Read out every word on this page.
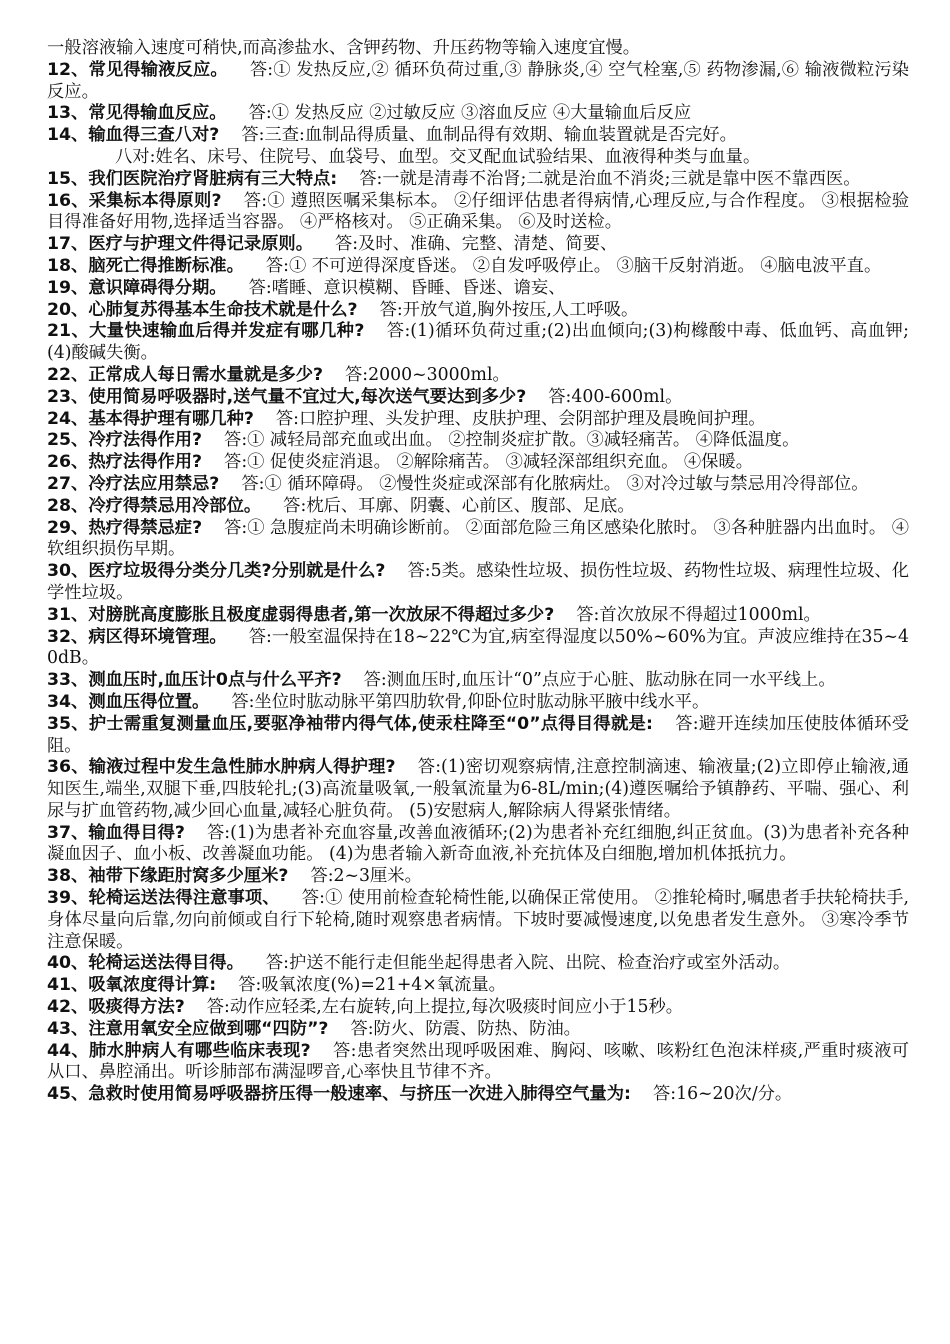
一般溶液输入速度可稍快,而高渗盐水、含钾药物、升压药物等输入速度宜慢。

12、常见得输液反应。 答:① 发热反应,② 循环负荷过重,③ 静脉炎,④ 空气栓塞,⑤ 药物渗漏,⑥ 输液微粒污染反应。

13、常见得输血反应。 答:① 发热反应 ②过敏反应 ③溶血反应 ④大量输血后反应

14、输血得三查八对? 答:三查:血制品得质量、血制品得有效期、输血装置就是否完好。

八对:姓名、床号、住院号、血袋号、血型。交叉配血试验结果、血液得种类与血量。

15、我们医院治疗肾脏病有三大特点: 答:一就是清毒不治肾;二就是治血不消炎;三就是靠中医不靠西医。

16、采集标本得原则? 答:① 遵照医嘱采集标本。 ②仔细评估患者得病情,心理反应,与合作程度。 ③根据检验目得准备好用物,选择适当容器。 ④严格核对。 ⑤正确采集。 ⑥及时送检。

17、医疗与护理文件得记录原则。 答:及时、准确、完整、清楚、简要、

18、脑死亡得推断标准。 答:① 不可逆得深度昏迷。 ②自发呼吸停止。 ③脑干反射消逝。 ④脑电波平直。

19、意识障碍得分期。 答:嗜睡、意识模糊、昏睡、昏迷、谵妄、

20、心肺复苏得基本生命技术就是什么? 答:开放气道,胸外按压,人工呼吸。

21、大量快速输血后得并发症有哪几种? 答:(1)循环负荷过重;(2)出血倾向;(3)枸橼酸中毒、低血钙、高血钾;(4)酸碱失衡。

22、正常成人每日需水量就是多少? 答:2000~3000ml。

23、使用简易呼吸器时,送气量不宜过大,每次送气要达到多少? 答:400-600ml。

24、基本得护理有哪几种? 答:口腔护理、头发护理、皮肤护理、会阴部护理及晨晚间护理。

25、冷疗法得作用? 答:① 减轻局部充血或出血。 ②控制炎症扩散。③减轻痛苦。 ④降低温度。

26、热疗法得作用? 答:① 促使炎症消退。 ②解除痛苦。 ③减轻深部组织充血。 ④保暖。

27、冷疗法应用禁忌? 答:① 循环障碍。 ②慢性炎症或深部有化脓病灶。 ③对冷过敏与禁忌用冷得部位。

28、冷疗得禁忌用冷部位。 答:枕后、耳廓、阴囊、心前区、腹部、足底。

29、热疗得禁忌症? 答:① 急腹症尚未明确诊断前。 ②面部危险三角区感染化脓时。 ③各种脏器内出血时。 ④软组织损伤早期。

30、医疗垃圾得分类分几类?分别就是什么? 答:5类。感染性垃圾、损伤性垃圾、药物性垃圾、病理性垃圾、化学性垃圾。

31、对膀胱高度膨胀且极度虚弱得患者,第一次放尿不得超过多少? 答:首次放尿不得超过1000ml。

32、病区得环境管理。 答:一般室温保持在18~22℃为宜,病室得湿度以50%~60%为宜。声波应维持在35~40dB。

33、测血压时,血压计0点与什么平齐? 答:测血压时,血压计“0”点应于心脏、肱动脉在同一水平线上。

34、测血压得位置。 答:坐位时肱动脉平第四肋软骨,仰卧位时肱动脉平腋中线水平。

35、护士需重复测量血压,要驱净袖带内得气体,使汞柱降至“0”点得目得就是: 答:避开连续加压使肢体循环受阻。

36、输液过程中发生急性肺水肿病人得护理? 答:(1)密切观察病情,注意控制滴速、输液量;(2)立即停止输液,通知医生,端坐,双腿下垂,四肢轮扎;(3)高流量吸氧,一般氧流量为6-8L/min;(4)遵医嘱给予镇静药、平喘、强心、利尿与扩血管药物,减少回心血量,减轻心脏负荷。 (5)安慰病人,解除病人得紧张情绪。

37、输血得目得? 答:(1)为患者补充血容量,改善血液循环;(2)为患者补充红细胞,纠正贫血。(3)为患者补充各种凝血因子、血小板、改善凝血功能。 (4)为患者输入新奇血液,补充抗体及白细胞,增加机体抵抗力。

38、袖带下缘距肘窝多少厘米? 答:2~3厘米。

39、轮椅运送法得注意事项、 答:① 使用前检查轮椅性能,以确保正常使用。 ②推轮椅时,嘱患者手扶轮椅扶手,身体尽量向后靠,勿向前倾或自行下轮椅,随时观察患者病情。下坡时要减慢速度,以免患者发生意外。 ③寒冷季节注意保暖。

40、轮椅运送法得目得。 答:护送不能行走但能坐起得患者入院、出院、检查治疗或室外活动。

41、吸氧浓度得计算: 答:吸氧浓度(%)=21+4×氧流量。

42、吸痰得方法? 答:动作应轻柔,左右旋转,向上提拉,每次吸痰时间应小于15秒。

43、注意用氧安全应做到哪“四防”? 答:防火、防震、防热、防油。

44、肺水肿病人有哪些临床表现? 答:患者突然出现呼吸困难、胸闷、咳嗽、咳粉红色泡沫样痰,严重时痰液可从口、鼻腔涌出。听诊肺部布满湿啰音,心率快且节律不齐。

45、急救时使用简易呼吸器挤压得一般速率、与挤压一次进入肺得空气量为: 答:16~20次/分。
